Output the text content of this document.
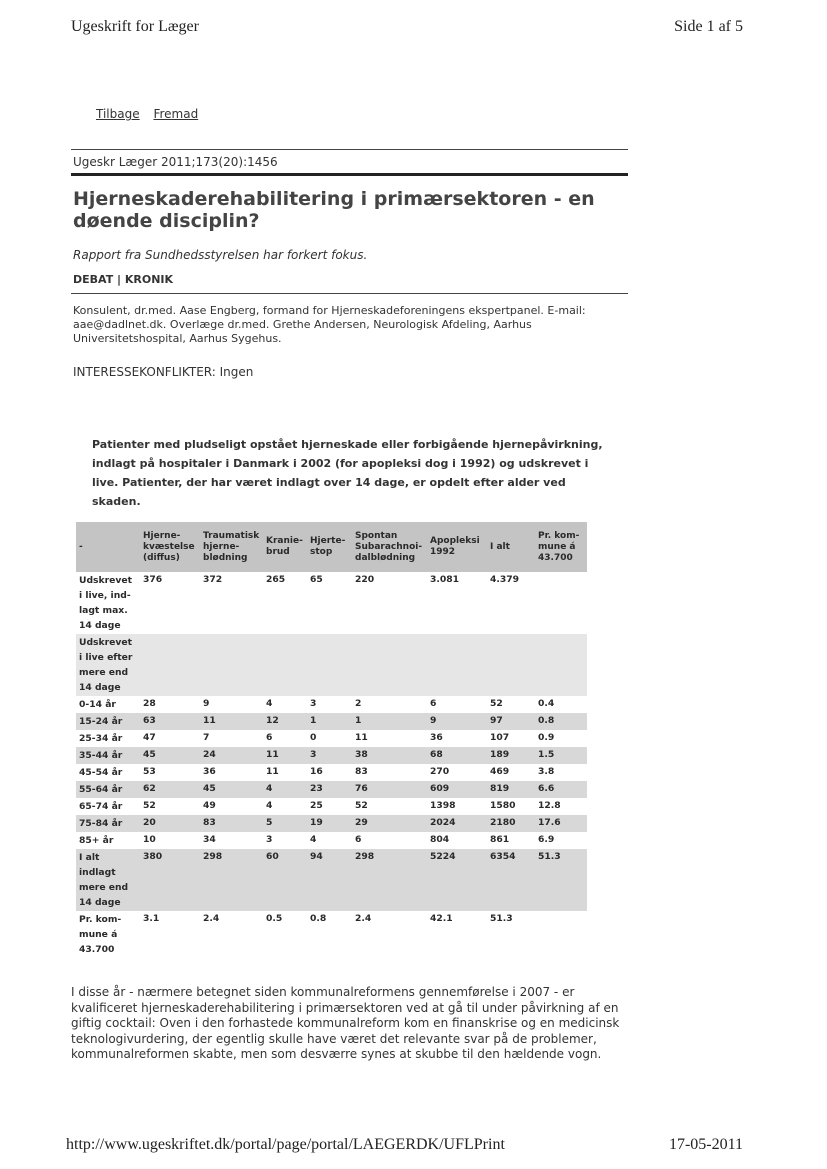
Ugeskrift for Læger	Side 1 af 5
Tilbage Fremad
Ugeskr Læger 2011;173(20):1456
Hjerneskaderehabilitering i primærsektoren - en døende disciplin?
Rapport fra Sundhedsstyrelsen har forkert fokus.
DEBAT | KRONIK
Konsulent, dr.med. Aase Engberg, formand for Hjerneskadeforeningens ekspertpanel. E-mail: aae@dadlnet.dk. Overlæge dr.med. Grethe Andersen, Neurologisk Afdeling, Aarhus Universitetshospital, Aarhus Sygehus.
INTERESSEKONFLIKTER: Ingen
Patienter med pludseligt opstået hjerneskade eller forbigående hjernepåvirkning, indlagt på hospitaler i Danmark i 2002 (for apopleksi dog i 1992) og udskrevet i live. Patienter, der har været indlagt over 14 dage, er opdelt efter alder ved skaden.
-	Hjerne-kvæstelse (diffus)	Traumatisk hjerne-blødning	Kranie-brud	Hjerte-stop	Spontan Subarachnoi-dalblødning	Apopleksi 1992	I alt	Pr. kom-mune á 43.700
Udskrevet i live, ind-lagt max. 14 dage	376	372	265	65	220	3.081	4.379	
Udskrevet i live efter mere end 14 dage								
0-14 år	28	9	4	3	2	6	52	0.4
15-24 år	63	11	12	1	1	9	97	0.8
25-34 år	47	7	6	0	11	36	107	0.9
35-44 år	45	24	11	3	38	68	189	1.5
45-54 år	53	36	11	16	83	270	469	3.8
55-64 år	62	45	4	23	76	609	819	6.6
65-74 år	52	49	4	25	52	1398	1580	12.8
75-84 år	20	83	5	19	29	2024	2180	17.6
85+ år	10	34	3	4	6	804	861	6.9
I alt indlagt mere end 14 dage	380	298	60	94	298	5224	6354	51.3
Pr. kom-mune á 43.700	3.1	2.4	0.5	0.8	2.4	42.1	51.3	
I disse år - nærmere betegnet siden kommunalreformens gennemførelse i 2007 - er kvalificeret hjerneskaderehabilitering i primærsektoren ved at gå til under påvirkning af en giftig cocktail: Oven i den forhastede kommunalreform kom en finanskrise og en medicinsk teknologivurdering, der egentlig skulle have været det relevante svar på de problemer, kommunalreformen skabte, men som desværre synes at skubbe til den hældende vogn.
http://www.ugeskriftet.dk/portal/page/portal/LAEGERDK/UFLPrint	17-05-2011
